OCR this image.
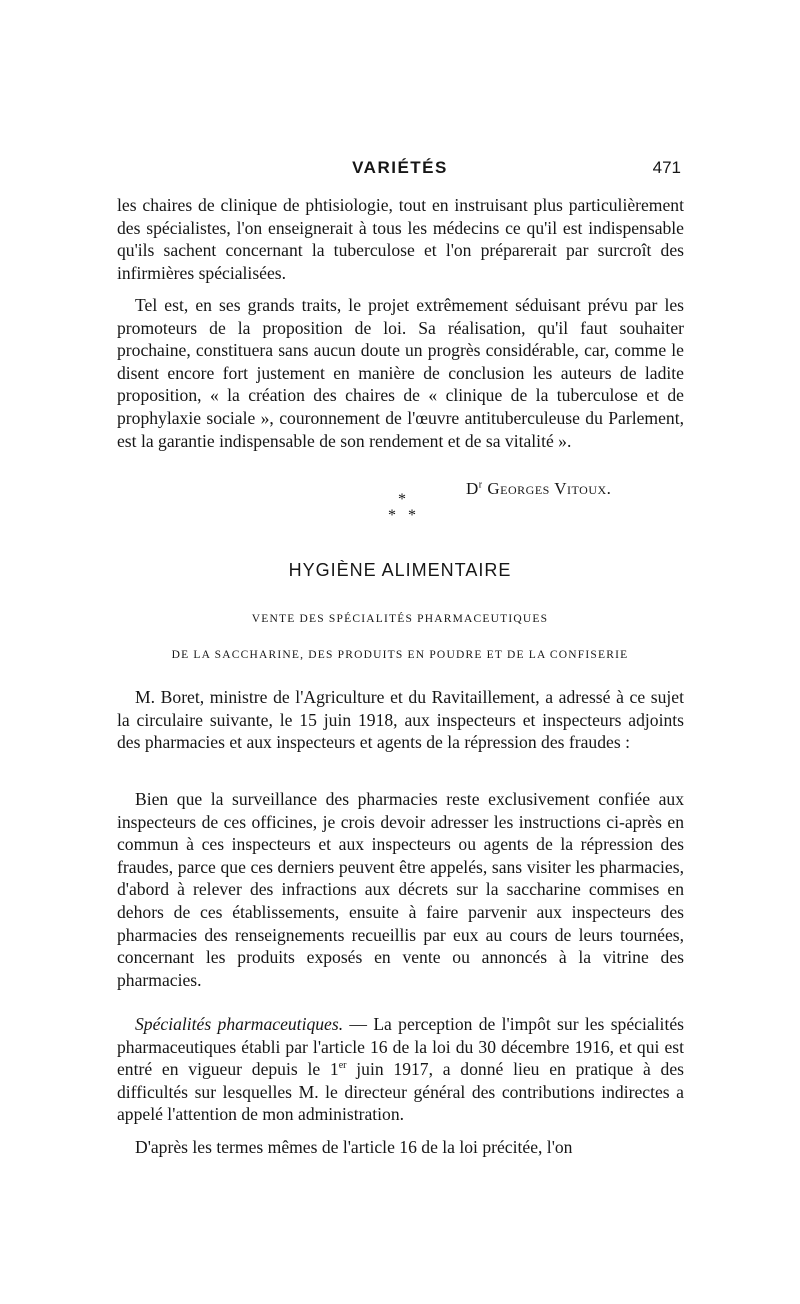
VARIÉTÉS	471

les chaires de clinique de phtisiologie, tout en instruisant plus particulièrement des spécialistes, l'on enseignerait à tous les médecins ce qu'il est indispensable qu'ils sachent concernant la tuberculose et l'on préparerait par surcroît des infirmières spécialisées.

Tel est, en ses grands traits, le projet extrêmement séduisant prévu par les promoteurs de la proposition de loi. Sa réalisation, qu'il faut souhaiter prochaine, constituera sans aucun doute un progrès considérable, car, comme le disent encore fort justement en manière de conclusion les auteurs de ladite proposition, « la création des chaires de « clinique de la tuberculose et de prophylaxie sociale », couronnement de l'œuvre antituberculeuse du Parlement, est la garantie indispensable de son rendement et de sa vitalité ».

$D^r$ Georges Vitoux.
*
* *
HYGIÈNE ALIMENTAIRE
VENTE DES SPÉCIALITÉS PHARMACEUTIQUES
DE LA SACCHARINE, DES PRODUITS EN POUDRE ET DE LA CONFISERIE

M. Boret, ministre de l'Agriculture et du Ravitaillement, a adressé à ce sujet la circulaire suivante, le 15 juin 1918, aux inspecteurs et inspecteurs adjoints des pharmacies et aux inspecteurs et agents de la répression des fraudes :

Bien que la surveillance des pharmacies reste exclusivement confiée aux inspecteurs de ces officines, je crois devoir adresser les instructions ci-après en commun à ces inspecteurs et aux inspecteurs ou agents de la répression des fraudes, parce que ces derniers peuvent être appelés, sans visiter les pharmacies, d'abord à relever des infractions aux décrets sur la saccharine commises en dehors de ces établissements, ensuite à faire parvenir aux inspecteurs des pharmacies des renseignements recueillis par eux au cours de leurs tournées, concernant les produits exposés en vente ou annoncés à la vitrine des pharmacies.

Spécialités pharmaceutiques. — La perception de l'impôt sur les spécialités pharmaceutiques établi par l'article 16 de la loi du 30 décembre 1916, et qui est entré en vigueur depuis le 1er juin 1917, a donné lieu en pratique à des difficultés sur lesquelles M. le directeur général des contributions indirectes a appelé l'attention de mon administration.

D'après les termes mêmes de l'article 16 de la loi précitée, l'on
